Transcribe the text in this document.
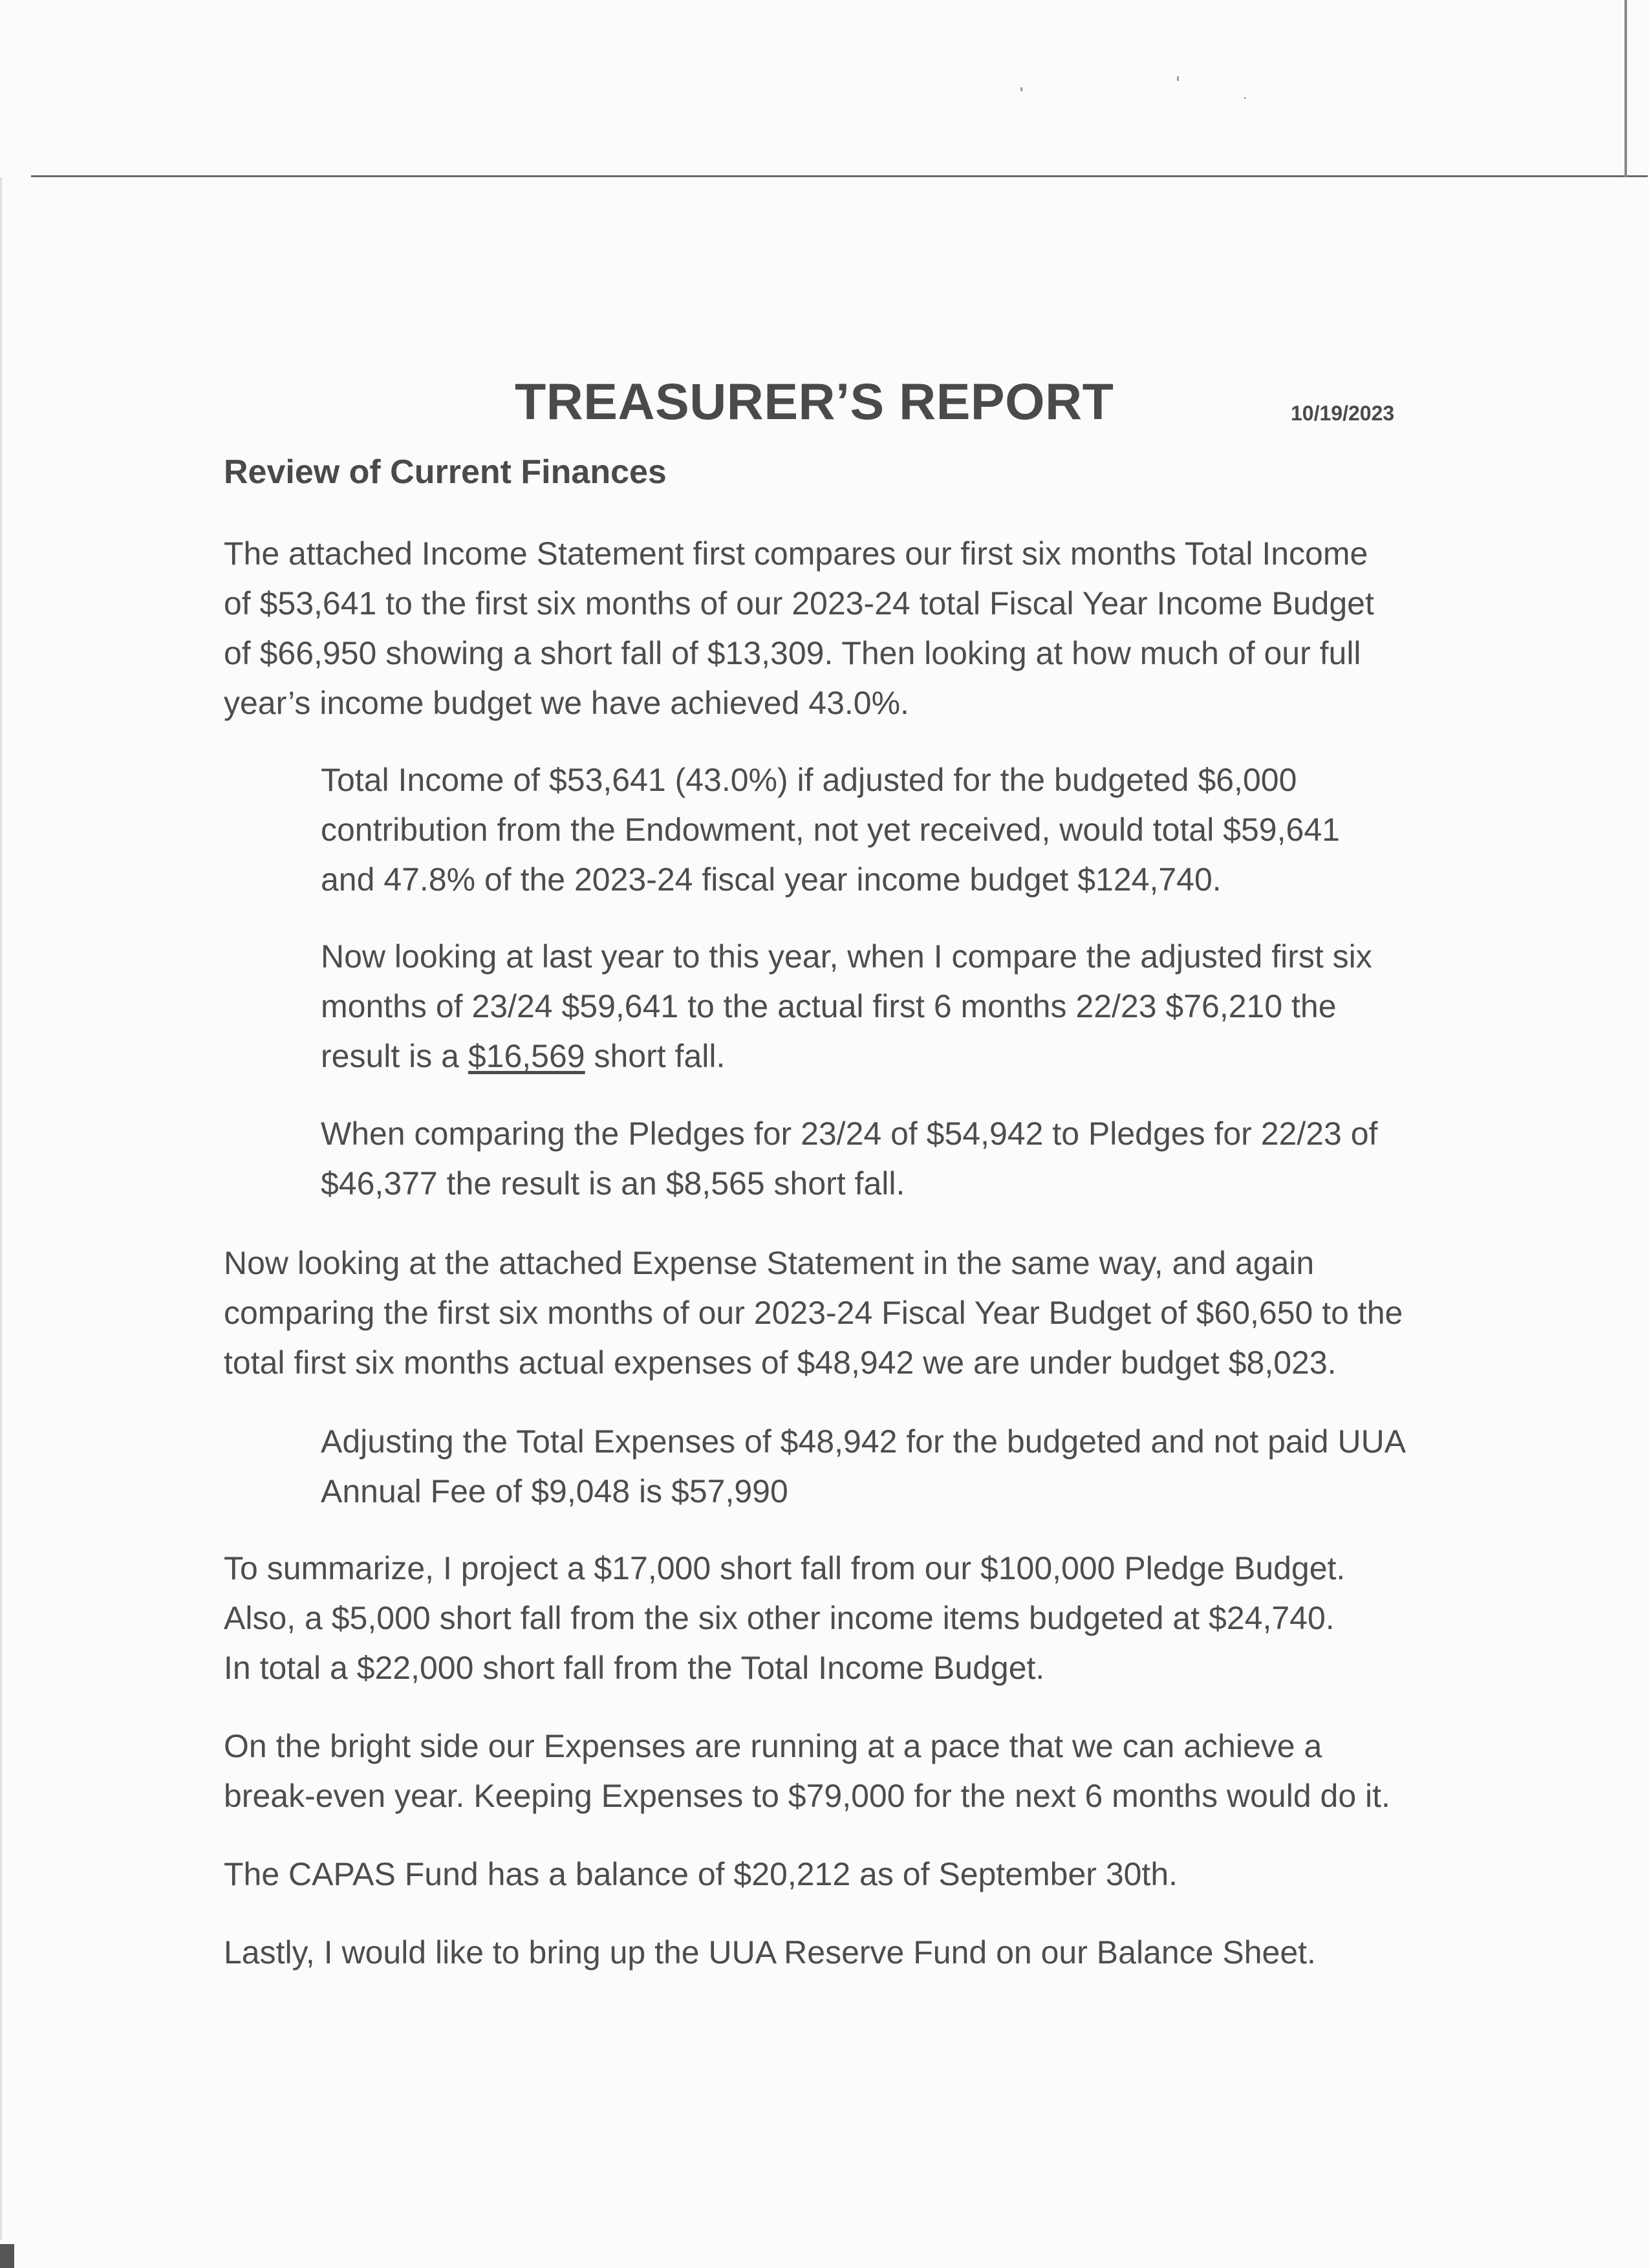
TREASURER’S REPORT	10/19/2023
Review of Current Finances

The attached Income Statement first compares our first six months Total Income
of $53,641 to the first six months of our 2023-24 total Fiscal Year Income Budget
of $66,950 showing a short fall of $13,309. Then looking at how much of our full
year’s income budget we have achieved 43.0%.

Total Income of $53,641 (43.0%) if adjusted for the budgeted $6,000
contribution from the Endowment, not yet received, would total $59,641
and 47.8% of the 2023-24 fiscal year income budget $124,740.

Now looking at last year to this year, when I compare the adjusted first six
months of 23/24 $59,641 to the actual first 6 months 22/23 $76,210 the
result is a $16,569 short fall.

When comparing the Pledges for 23/24 of $54,942 to Pledges for 22/23 of
$46,377 the result is an $8,565 short fall.

Now looking at the attached Expense Statement in the same way, and again
comparing the first six months of our 2023-24 Fiscal Year Budget of $60,650 to the
total first six months actual expenses of $48,942 we are under budget $8,023.

Adjusting the Total Expenses of $48,942 for the budgeted and not paid UUA
Annual Fee of $9,048 is $57,990

To summarize, I project a $17,000 short fall from our $100,000 Pledge Budget.
Also, a $5,000 short fall from the six other income items budgeted at $24,740.
In total a $22,000 short fall from the Total Income Budget.

On the bright side our Expenses are running at a pace that we can achieve a
break-even year. Keeping Expenses to $79,000 for the next 6 months would do it.

The CAPAS Fund has a balance of $20,212 as of September 30th.

Lastly, I would like to bring up the UUA Reserve Fund on our Balance Sheet.
